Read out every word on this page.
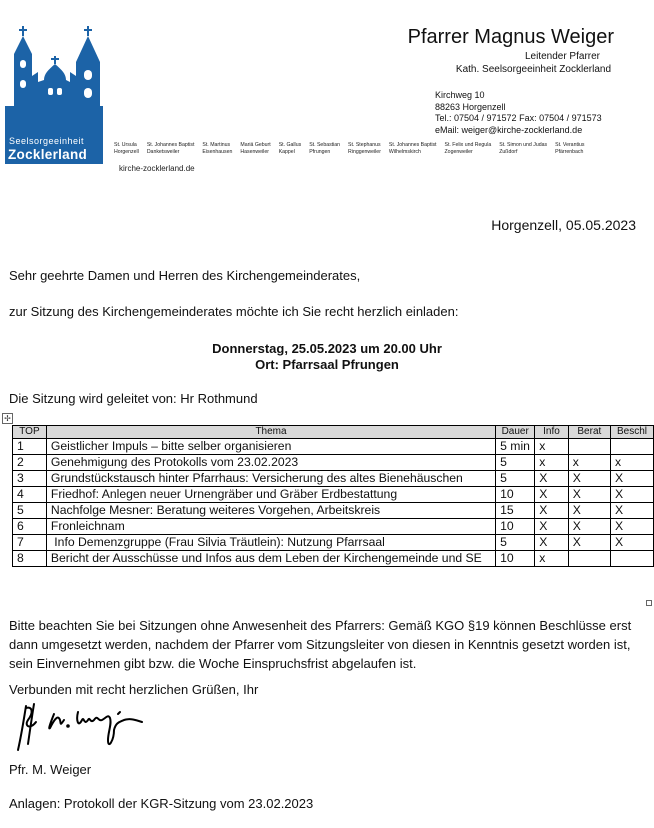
Seelsorgeeinheit
Zocklerland
Pfarrer Magnus Weiger
Leitender Pfarrer
Kath. Seelsorgeeinheit Zocklerland
Kirchweg 10
88263 Horgenzell
Tel.: 07504 / 971572 Fax: 07504 / 971573
eMail: weiger@kirche-zocklerland.de
St. Ursula
Horgenzell
St. Johannes Baptist
Danketsweiler
St. Martinus
Eisenhausen
Mariä Geburt
Hasenweiler
St. Gallus
Kappel
St. Sebastian
Pfrungen
St. Stephanus
Ringgenweiler
St. Johannes Baptist
Wilhelmskirch
St. Felix und Regula
Zogenweiler
St. Simon und Judas
Zußdorf
St. Verantius
Pfärrenbach
kirche-zocklerland.de
Horgenzell, 05.05.2023
Sehr geehrte Damen und Herren des Kirchengemeinderates,
zur Sitzung des Kirchengemeinderates möchte ich Sie recht herzlich einladen:
Donnerstag, 25.05.2023 um 20.00 Uhr
Ort: Pfarrsaal Pfrungen
Die Sitzung wird geleitet von: Hr Rothmund
✢
TOP	Thema	Dauer	Info	Berat	Beschl
1	Geistlicher Impuls – bitte selber organisieren	5 min	x		
2	Genehmigung des Protokolls vom 23.02.2023	5	x	x	x
3	Grundstückstausch hinter Pfarrhaus: Versicherung des altes Bienehäuschen	5	X	X	X
4	Friedhof: Anlegen neuer Urnengräber und Gräber Erdbestattung	10	X	X	X
5	Nachfolge Mesner: Beratung weiteres Vorgehen, Arbeitskreis	15	X	X	X
6	Fronleichnam	10	X	X	X
7	Info Demenzgruppe (Frau Silvia Träutlein): Nutzung Pfarrsaal	5	X	X	X
8	Bericht der Ausschüsse und Infos aus dem Leben der Kirchengemeinde und SE	10	x		
Bitte beachten Sie bei Sitzungen ohne Anwesenheit des Pfarrers: Gemäß KGO §19 können Beschlüsse erst dann umgesetzt werden, nachdem der Pfarrer vom Sitzungsleiter von diesen in Kenntnis gesetzt worden ist, sein Einvernehmen gibt bzw. die Woche Einspruchsfrist abgelaufen ist.
Verbunden mit recht herzlichen Grüßen, Ihr
Pfr. M. Weiger
Anlagen: Protokoll der KGR-Sitzung vom 23.02.2023
